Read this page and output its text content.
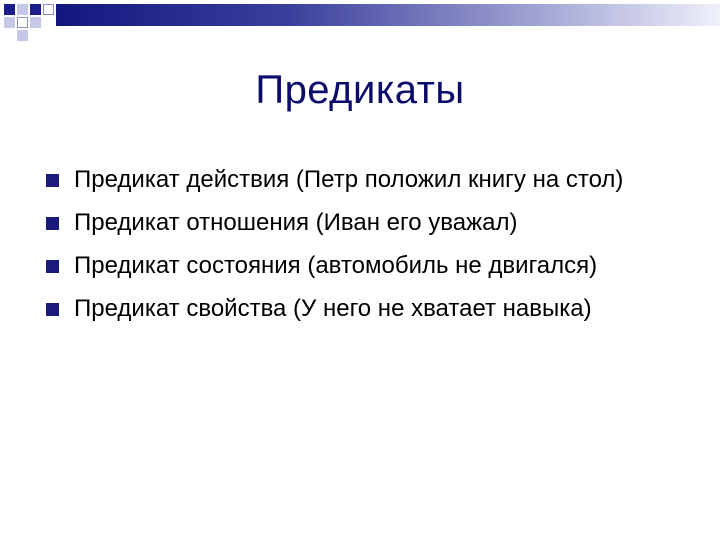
Предикаты
Предикат действия (Петр положил книгу на стол)
Предикат отношения (Иван его уважал)
Предикат состояния (автомобиль не двигался)
Предикат свойства (У него не хватает навыка)
